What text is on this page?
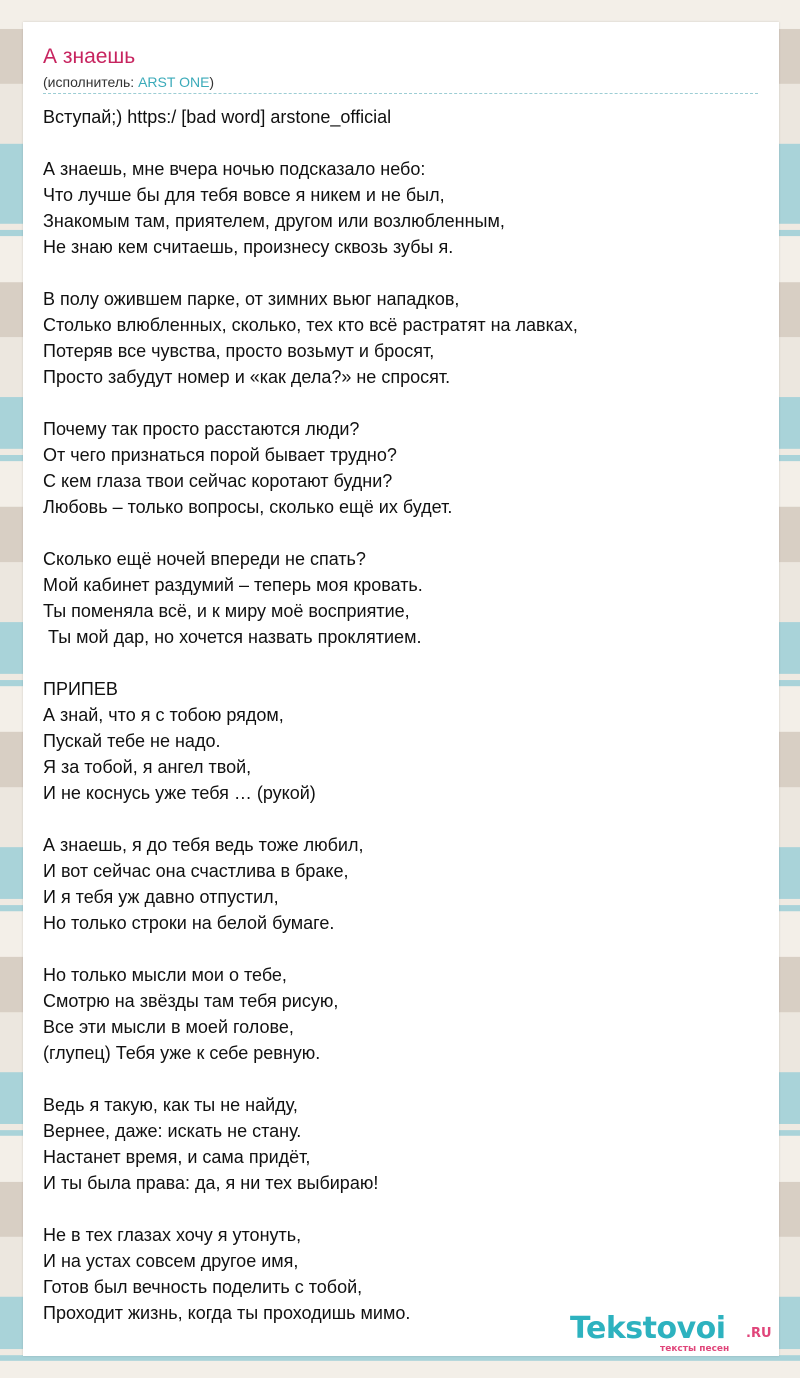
А знаешь
(исполнитель: ARST ONE)
Вступай;) https:/ [bad word] arstone_official
А знаешь, мне вчера ночью подсказало небо:
Что лучше бы для тебя вовсе я никем и не был,
Знакомым там, приятелем, другом или возлюбленным,
Не знаю кем считаешь, произнесу сквозь зубы я.
В полу ожившем парке, от зимних вьюг нападков,
Столько влюбленных, сколько, тех кто всё растратят на лавках,
Потеряв все чувства, просто возьмут и бросят,
Просто забудут номер и «как дела?» не спросят.
Почему так просто расстаются люди?
От чего признаться порой бывает трудно?
С кем глаза твои сейчас коротают будни?
Любовь – только вопросы, сколько ещё их будет.
Сколько ещё ночей впереди не спать?
Мой кабинет раздумий – теперь моя кровать.
Ты поменяла всё, и к миру моё восприятие,
Ты мой дар, но хочется назвать проклятием.
ПРИПЕВ
А знай, что я с тобою рядом,
Пускай тебе не надо.
Я за тобой, я ангел твой,
И не коснусь уже тебя … (рукой)
А знаешь, я до тебя ведь тоже любил,
И вот сейчас она счастлива в браке,
И я тебя уж давно отпустил,
Но только строки на белой бумаге.
Но только мысли мои о тебе,
Смотрю на звёзды там тебя рисую,
Все эти мысли в моей голове,
(глупец) Тебя уже к себе ревную.
Ведь я такую, как ты не найду,
Вернее, даже: искать не стану.
Настанет время, и сама придёт,
И ты была права: да, я ни тех выбираю!
Не в тех глазах хочу я утонуть,
И на устах совсем другое имя,
Готов был вечность поделить с тобой,
Проходит жизнь, когда ты проходишь мимо.	Tekstovoi .RU
тексты песен
